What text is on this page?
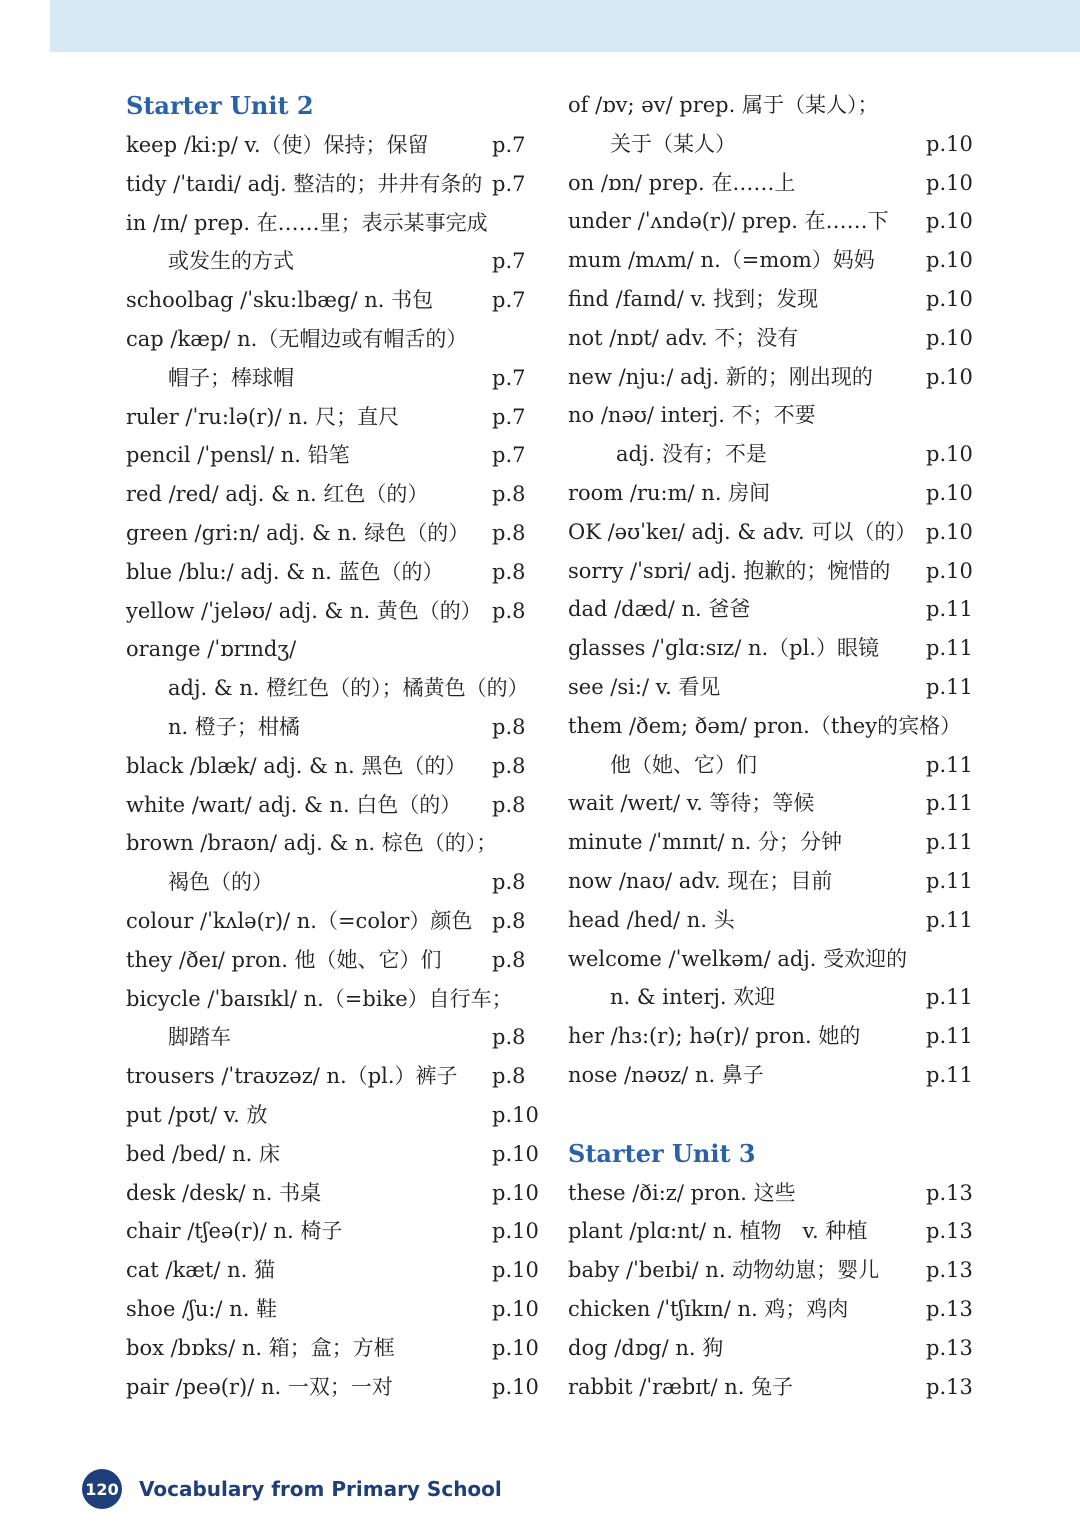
Starter Unit 2
keep /ki:p/ v.（使）保持；保留	p.7
tidy /ˈtaɪdi/ adj. 整洁的；井井有条的 p.7
in /ɪn/ prep. 在……里；表示某事完成
或发生的方式	p.7
schoolbag /ˈsku:lbæg/ n. 书包	p.7
cap /kæp/ n.（无帽边或有帽舌的）
帽子；棒球帽	p.7
ruler /ˈru:lə(r)/ n. 尺；直尺	p.7
pencil /ˈpensl/ n. 铅笔	p.7
red /red/ adj. & n. 红色（的）	p.8
green /gri:n/ adj. & n. 绿色（的）	p.8
blue /blu:/ adj. & n. 蓝色（的）	p.8
yellow /ˈjeləʊ/ adj. & n. 黄色（的） p.8
orange /ˈɒrɪndʒ/
adj. & n. 橙红色（的）；橘黄色（的）
n. 橙子；柑橘	p.8
black /blæk/ adj. & n. 黑色（的）	p.8
white /waɪt/ adj. & n. 白色（的）	p.8
brown /braʊn/ adj. & n. 棕色（的）；
褐色（的）	p.8
colour /ˈkʌlə(r)/ n.（=color）颜色 p.8
they /ðeɪ/ pron. 他（她、它）们	p.8
bicycle /ˈbaɪsɪkl/ n.（=bike）自行车；
脚踏车	p.8
trousers /ˈtraʊzəz/ n.（pl.）裤子	p.8
put /pʊt/ v. 放	p.10
bed /bed/ n. 床	p.10
desk /desk/ n. 书桌	p.10
chair /tʃeə(r)/ n. 椅子	p.10
cat /kæt/ n. 猫	p.10
shoe /ʃu:/ n. 鞋	p.10
box /bɒks/ n. 箱；盒；方框	p.10
pair /peə(r)/ n. 一双；一对	p.10
of /ɒv; əv/ prep. 属于（某人）；
关于（某人）	p.10
on /ɒn/ prep. 在……上	p.10
under /ˈʌndə(r)/ prep. 在……下	p.10
mum /mʌm/ n.（=mom）妈妈	p.10
find /faɪnd/ v. 找到；发现	p.10
not /nɒt/ adv. 不；没有	p.10
new /nju:/ adj. 新的；刚出现的	p.10
no /nəʊ/ interj. 不；不要
adj. 没有；不是	p.10
room /ru:m/ n. 房间	p.10
OK /əʊˈkeɪ/ adj. & adv. 可以（的） p.10
sorry /ˈsɒri/ adj. 抱歉的；惋惜的	p.10
dad /dæd/ n. 爸爸	p.11
glasses /ˈglɑ:sɪz/ n.（pl.）眼镜	p.11
see /si:/ v. 看见	p.11
them /ðem; ðəm/ pron.（they的宾格）
他（她、它）们	p.11
wait /weɪt/ v. 等待；等候	p.11
minute /ˈmɪnɪt/ n. 分；分钟	p.11
now /naʊ/ adv. 现在；目前	p.11
head /hed/ n. 头	p.11
welcome /ˈwelkəm/ adj. 受欢迎的
n. & interj. 欢迎	p.11
her /hɜ:(r); hə(r)/ pron. 她的	p.11
nose /nəʊz/ n. 鼻子	p.11
Starter Unit 3
these /ði:z/ pron. 这些	p.13
plant /plɑ:nt/ n. 植物　v. 种植	p.13
baby /ˈbeɪbi/ n. 动物幼崽；婴儿	p.13
chicken /ˈtʃɪkɪn/ n. 鸡；鸡肉	p.13
dog /dɒg/ n. 狗	p.13
rabbit /ˈræbɪt/ n. 兔子	p.13
120 Vocabulary from Primary School
